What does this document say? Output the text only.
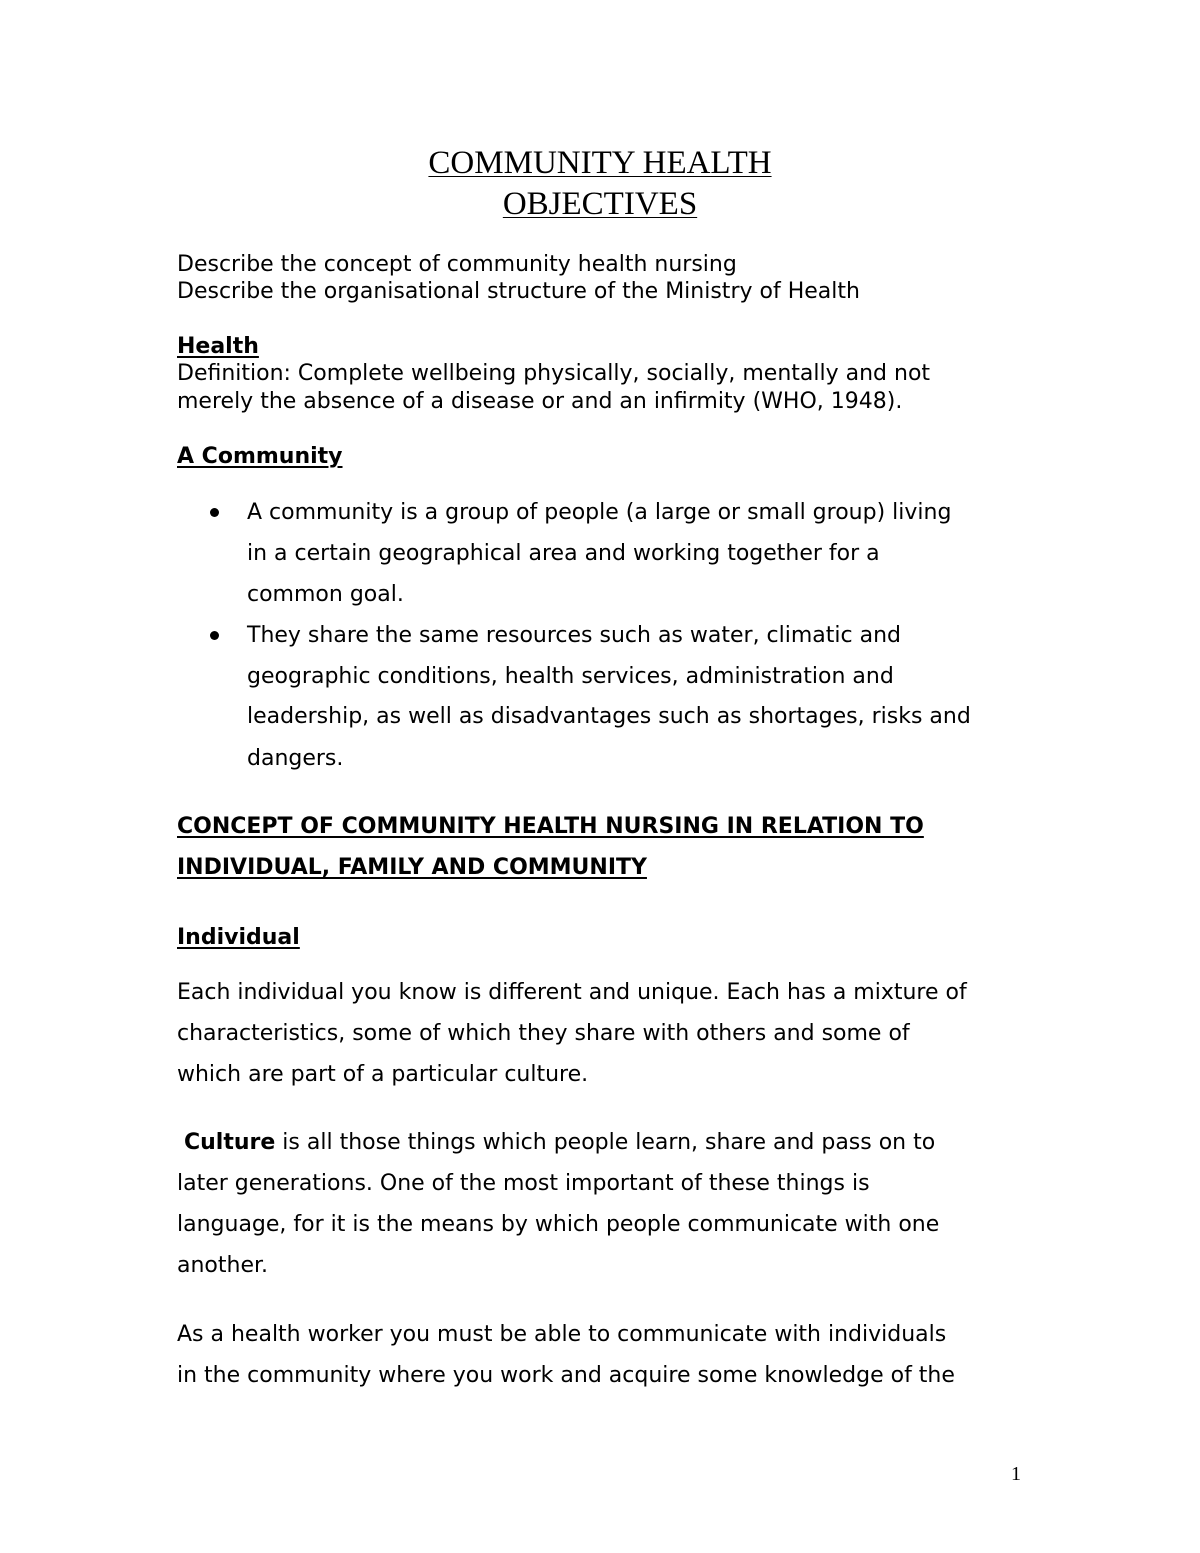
COMMUNITY HEALTH
OBJECTIVES
Describe the concept of community health nursing
Describe the organisational structure of the Ministry of Health
Health
Definition: Complete wellbeing physically, socially, mentally and not
merely the absence of a disease or and an infirmity (WHO, 1948).
A Community
A community is a group of people (a large or small group) living
in a certain geographical area and working together for a
common goal.
They share the same resources such as water, climatic and
geographic conditions, health services, administration and
leadership, as well as disadvantages such as shortages, risks and
dangers.
CONCEPT OF COMMUNITY HEALTH NURSING IN RELATION TO
INDIVIDUAL, FAMILY AND COMMUNITY
Individual
Each individual you know is different and unique. Each has a mixture of
characteristics, some of which they share with others and some of
which are part of a particular culture.
Culture is all those things which people learn, share and pass on to
later generations. One of the most important of these things is
language, for it is the means by which people communicate with one
another.
As a health worker you must be able to communicate with individuals
in the community where you work and acquire some knowledge of the
1
